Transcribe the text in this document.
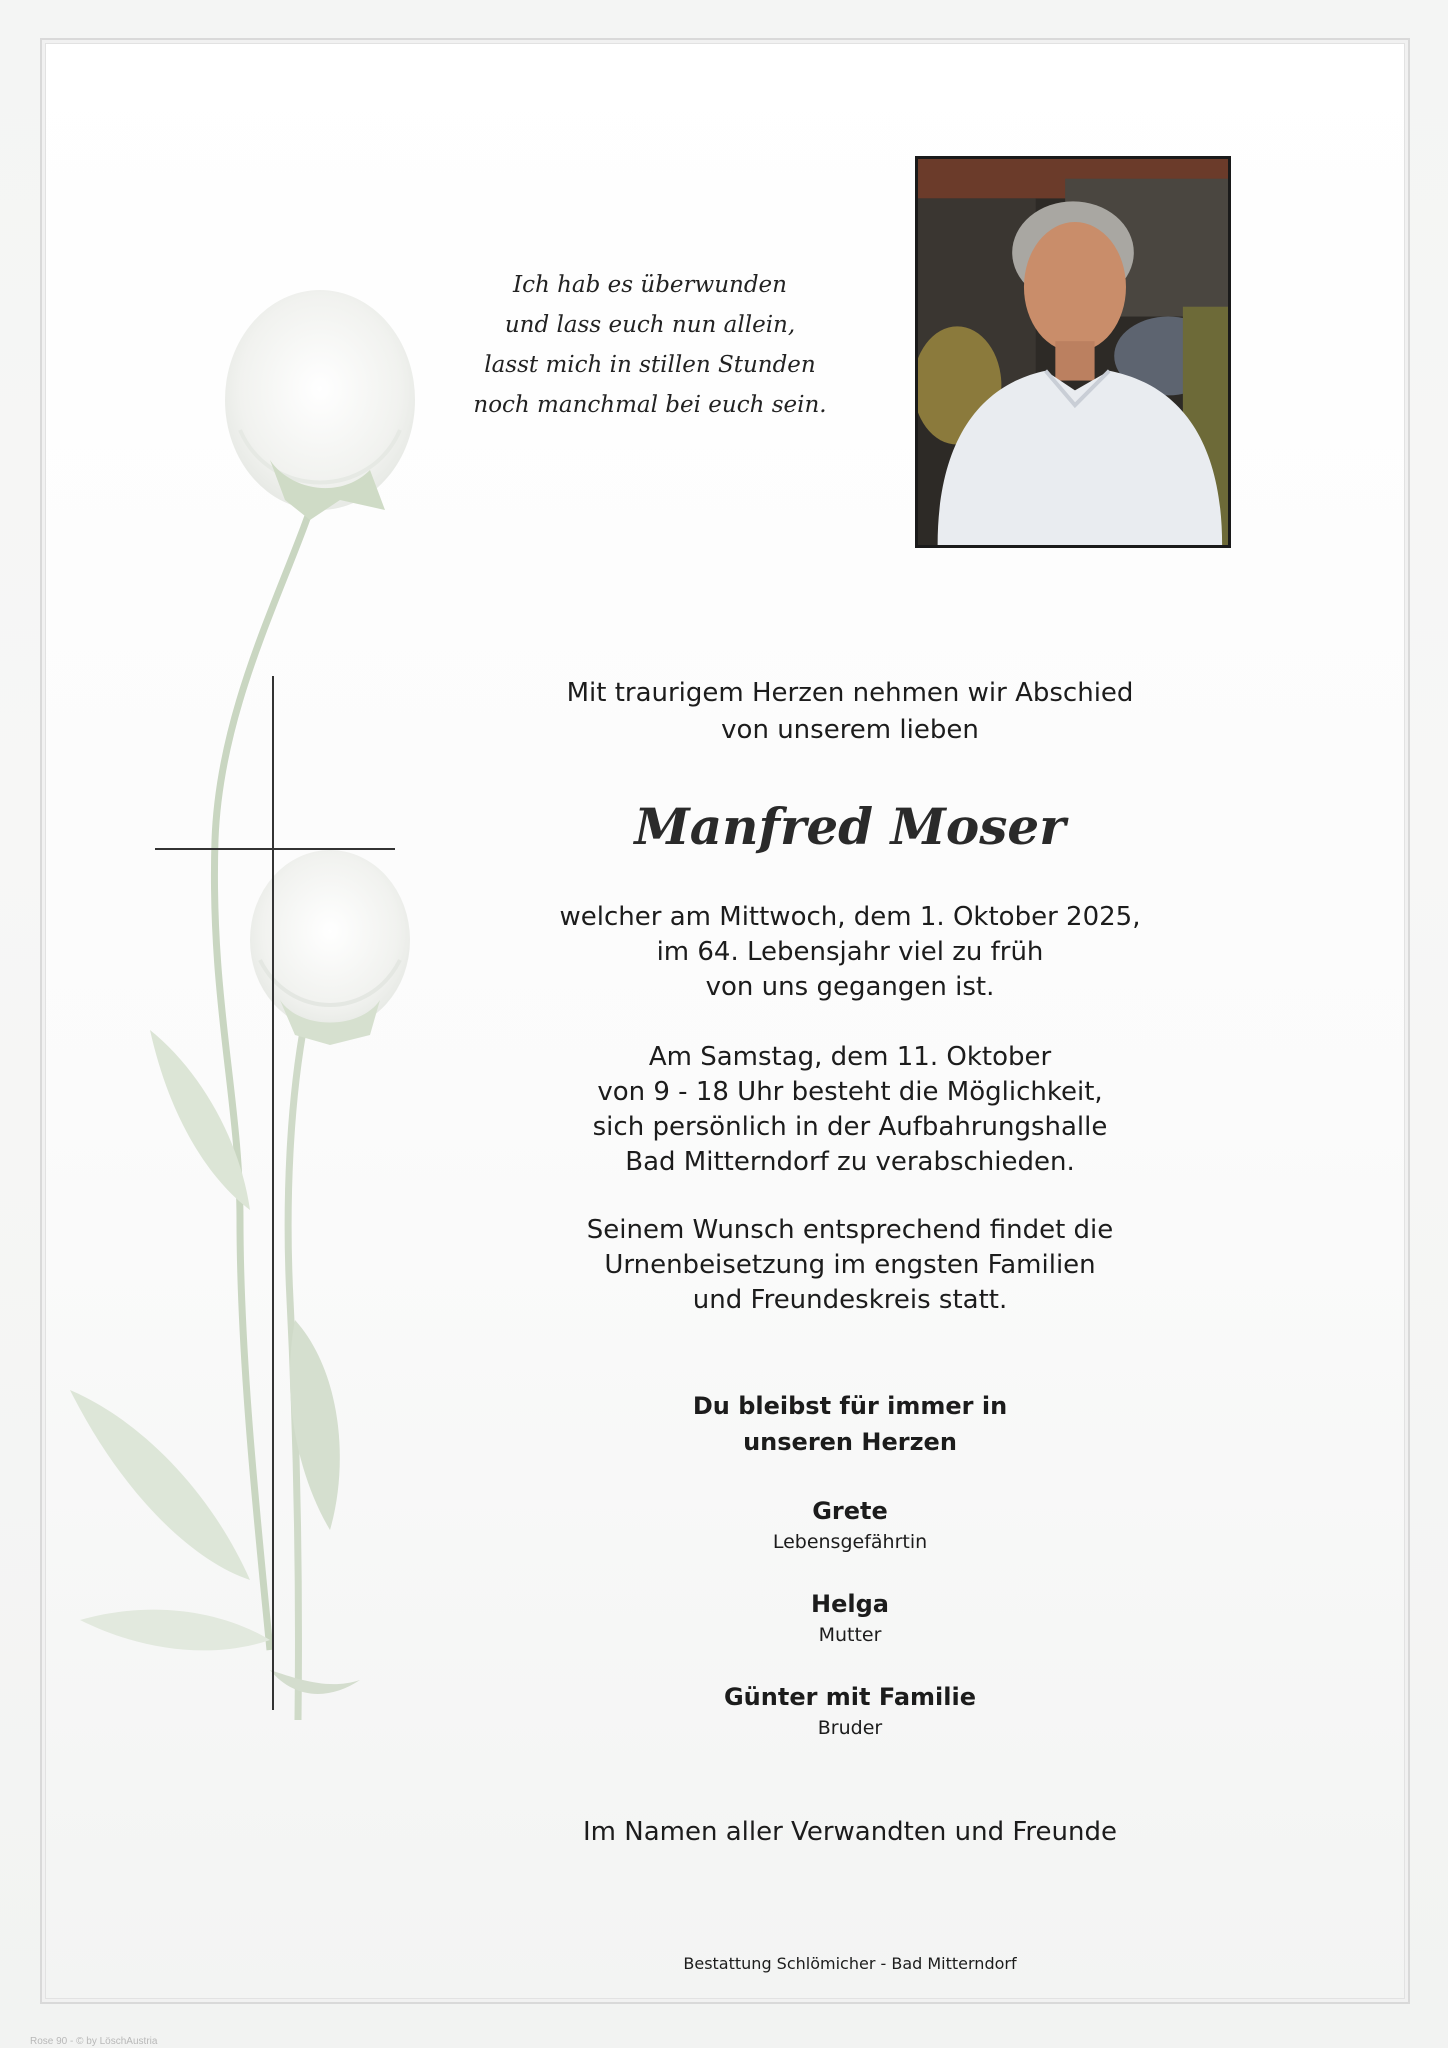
Ich hab es überwunden
und lass euch nun allein,
lasst mich in stillen Stunden
noch manchmal bei euch sein.
Mit traurigem Herzen nehmen wir Abschied
von unserem lieben
Manfred Moser
welcher am Mittwoch, dem 1. Oktober 2025,
im 64. Lebensjahr viel zu früh
von uns gegangen ist.
Am Samstag, dem 11. Oktober
von 9 - 18 Uhr besteht die Möglichkeit,
sich persönlich in der Aufbahrungshalle
Bad Mitterndorf zu verabschieden.
Seinem Wunsch entsprechend findet die
Urnenbeisetzung im engsten Familien
und Freundeskreis statt.
Du bleibst für immer in
unseren Herzen
Grete
Lebensgefährtin
Helga
Mutter
Günter mit Familie
Bruder
Im Namen aller Verwandten und Freunde
Bestattung Schlömicher - Bad Mitterndorf
Rose 90 - © by LöschAustria
